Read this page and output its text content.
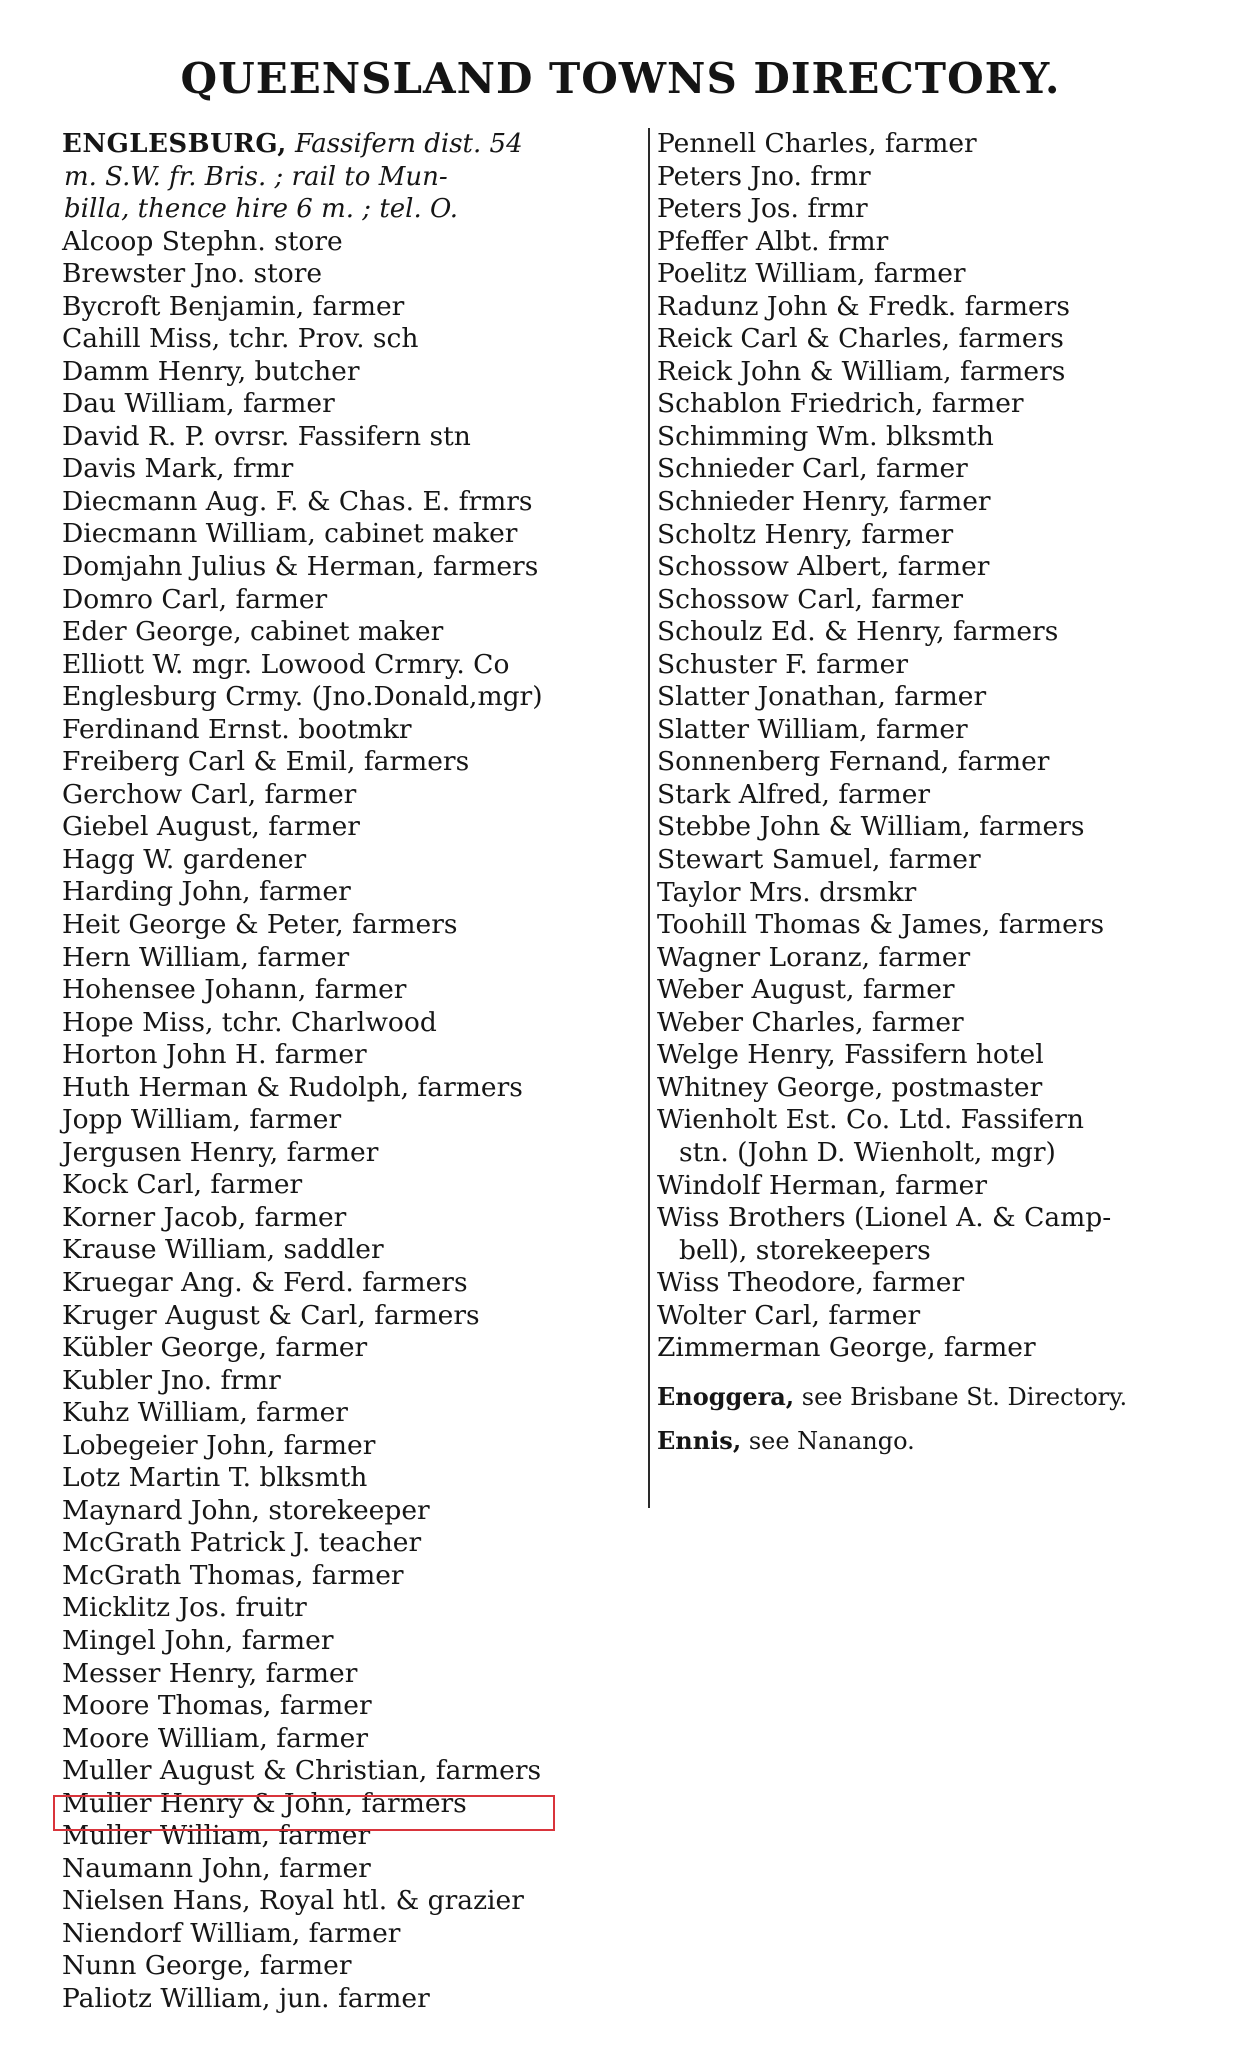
QUEENSLAND TOWNS DIRECTORY.

ENGLESBURG, Fassifern dist. 54
m. S.W. fr. Bris. ; rail to Mun-
billa, thence hire 6 m. ; tel. O.

Alcoop Stephn. store
Brewster Jno. store
Bycroft Benjamin, farmer
Cahill Miss, tchr. Prov. sch
Damm Henry, butcher
Dau William, farmer
David R. P. ovrsr. Fassifern stn
Davis Mark, frmr
Diecmann Aug. F. & Chas. E. frmrs
Diecmann William, cabinet maker
Domjahn Julius & Herman, farmers
Domro Carl, farmer
Eder George, cabinet maker
Elliott W. mgr. Lowood Crmry. Co
Englesburg Crmy. (Jno.Donald,mgr)
Ferdinand Ernst. bootmkr
Freiberg Carl & Emil, farmers
Gerchow Carl, farmer
Giebel August, farmer
Hagg W. gardener
Harding John, farmer
Heit George & Peter, farmers
Hern William, farmer
Hohensee Johann, farmer
Hope Miss, tchr. Charlwood
Horton John H. farmer
Huth Herman & Rudolph, farmers
Jopp William, farmer
Jergusen Henry, farmer
Kock Carl, farmer
Korner Jacob, farmer
Krause William, saddler
Kruegar Ang. & Ferd. farmers
Kruger August & Carl, farmers
Kübler George, farmer
Kubler Jno. frmr
Kuhz William, farmer
Lobegeier John, farmer
Lotz Martin T. blksmth
Maynard John, storekeeper
McGrath Patrick J. teacher
McGrath Thomas, farmer
Micklitz Jos. fruitr
Mingel John, farmer
Messer Henry, farmer
Moore Thomas, farmer
Moore William, farmer
Muller August & Christian, farmers
Muller Henry & John, farmers
Muller William, farmer
Naumann John, farmer
Nielsen Hans, Royal htl. & grazier
Niendorf William, farmer
Nunn George, farmer
Paliotz William, jun. farmer
Pennell Charles, farmer
Peters Jno. frmr
Peters Jos. frmr
Pfeffer Albt. frmr
Poelitz William, farmer
Radunz John & Fredk. farmers
Reick Carl & Charles, farmers
Reick John & William, farmers
Schablon Friedrich, farmer
Schimming Wm. blksmth
Schnieder Carl, farmer
Schnieder Henry, farmer
Scholtz Henry, farmer
Schossow Albert, farmer
Schossow Carl, farmer
Schoulz Ed. & Henry, farmers
Schuster F. farmer
Slatter Jonathan, farmer
Slatter William, farmer
Sonnenberg Fernand, farmer
Stark Alfred, farmer
Stebbe John & William, farmers
Stewart Samuel, farmer
Taylor Mrs. drsmkr
Toohill Thomas & James, farmers
Wagner Loranz, farmer
Weber August, farmer
Weber Charles, farmer
Welge Henry, Fassifern hotel
Whitney George, postmaster
Wienholt Est. Co. Ltd. Fassifern
stn. (John D. Wienholt, mgr)
Windolf Herman, farmer
Wiss Brothers (Lionel A. & Camp-
bell), storekeepers
Wiss Theodore, farmer
Wolter Carl, farmer
Zimmerman George, farmer
Enoggera, see Brisbane St. Directory.
Ennis, see Nanango.
